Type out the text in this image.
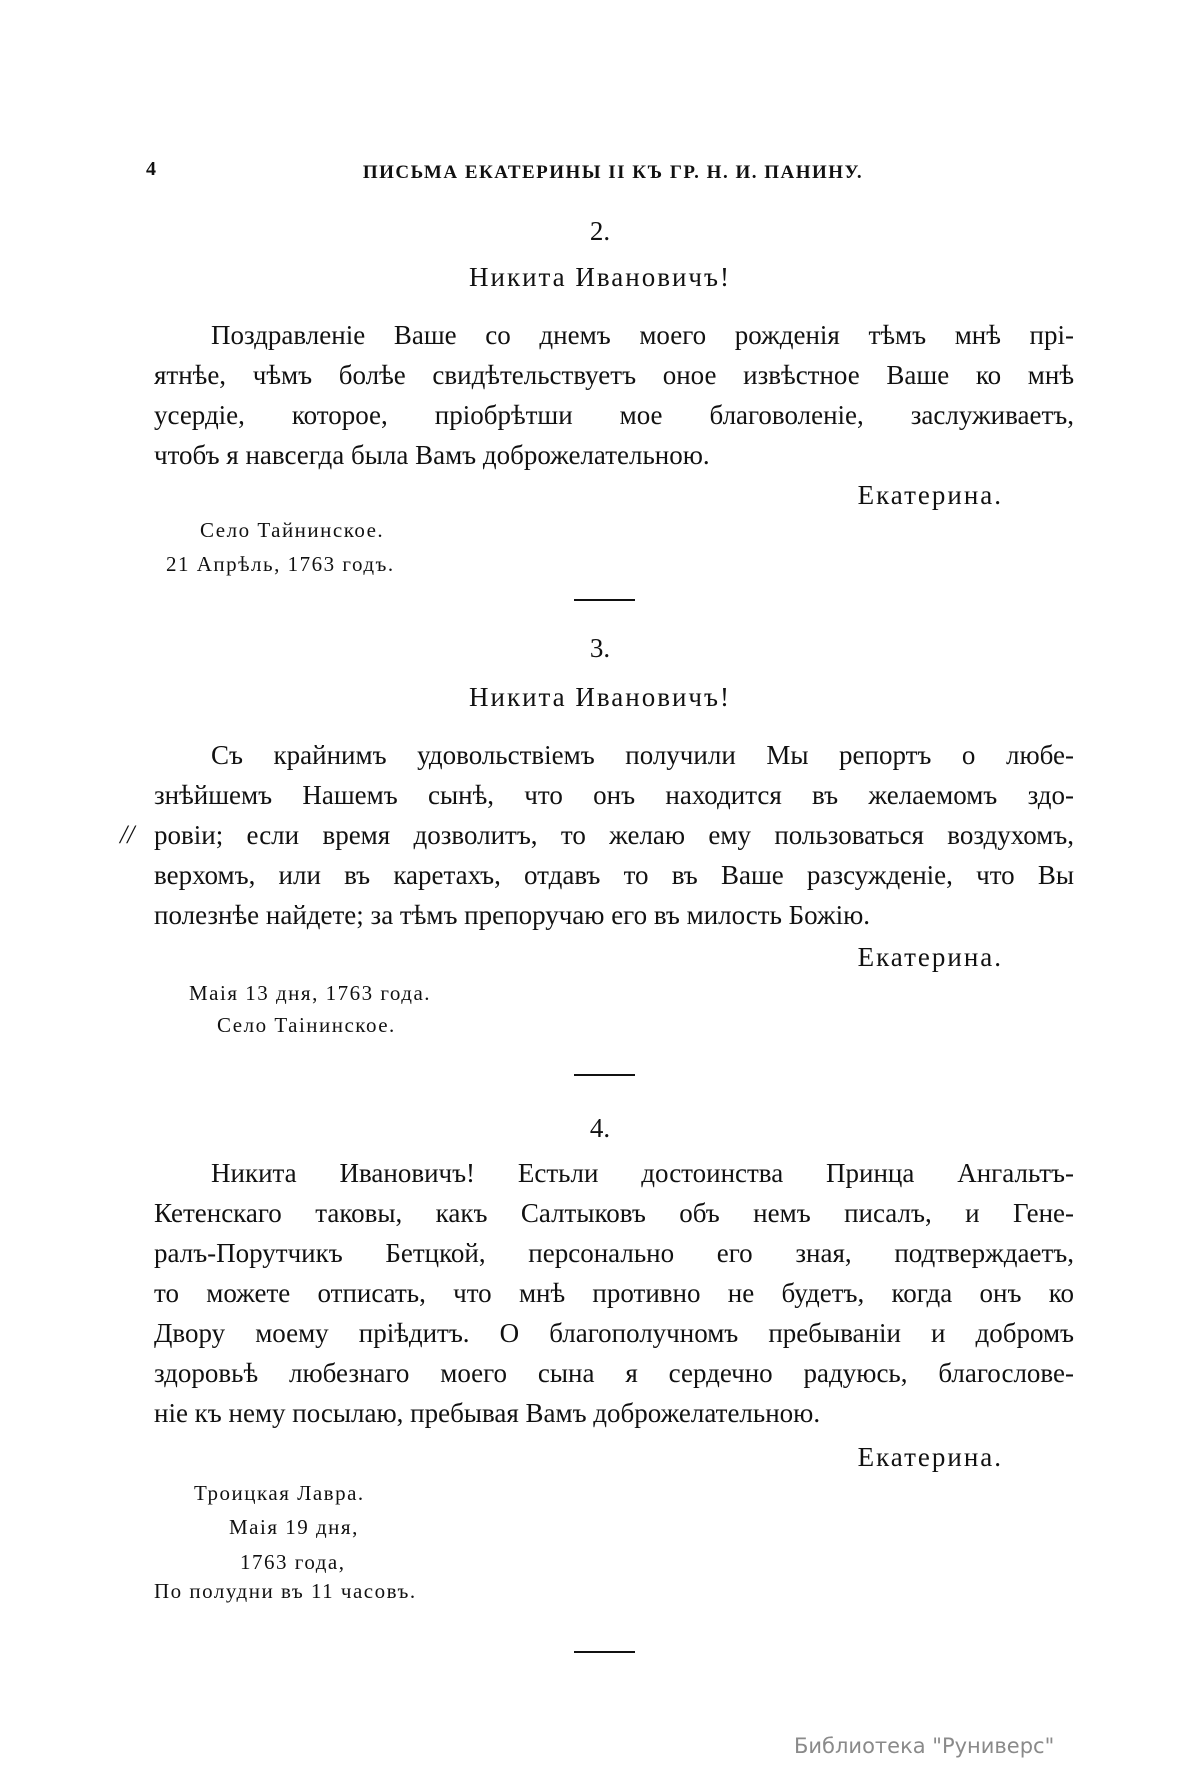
4	ПИСЬМА ЕКАТЕРИНЫ II КЪ ГР. Н. И. ПАНИНУ.
2.
Никита Ивановичъ!
Поздравленіе Ваше со днемъ моего рожденія тѣмъ мнѣ прі-
ятнѣе, чѣмъ болѣе свидѣтельствуетъ оное извѣстное Ваше ко мнѣ
усердіе, которое, пріобрѣтши мое благоволеніе, заслуживаетъ,
чтобъ я навсегда была Вамъ доброжелательною.
Екатерина.
Село Тайнинское.
21 Апрѣль, 1763 годъ.
3.
Никита Ивановичъ!
Съ крайнимъ удовольствіемъ получили Мы репортъ о любе-
знѣйшемъ Нашемъ сынѣ, что онъ находится въ желаемомъ здо-
// ровіи; если время дозволитъ, то желаю ему пользоваться воздухомъ,
верхомъ, или въ каретахъ, отдавъ то въ Ваше разсужденіе, что Вы
полезнѣе найдете; за тѣмъ препоручаю его въ милость Божію.
Екатерина.
Маія 13 дня, 1763 года.
Село Таінинское.
4.
Никита Ивановичъ! Естьли достоинства Принца Ангальтъ-
Кетенскаго таковы, какъ Салтыковъ объ немъ писалъ, и Гене-
ралъ-Порутчикъ Бетцкой, персонально его зная, подтверждаетъ,
то можете отписать, что мнѣ противно не будетъ, когда онъ ко
Двору моему пріѣдитъ. О благополучномъ пребываніи и добромъ
здоровьѣ любезнаго моего сына я сердечно радуюсь, благослове-
ніе къ нему посылаю, пребывая Вамъ доброжелательною.
Екатерина.
Троицкая Лавра.
Маія 19 дня,
1763 года,
По полудни въ 11 часовъ.
Библиотека "Руниверс"
